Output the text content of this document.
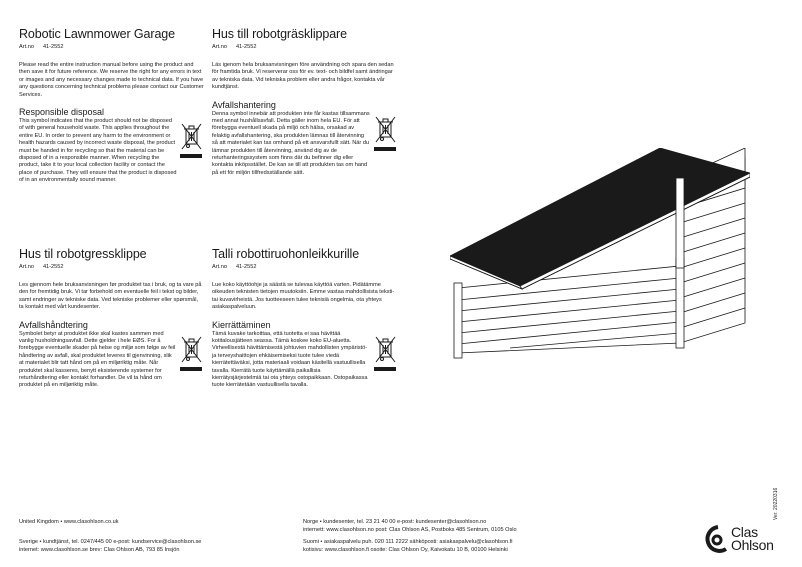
Robotic Lawnmower Garage
Art.no 41-2552

Please read the entire instruction manual before using the product and then save it for future reference. We reserve the right for any errors in text or images and any necessary changes made to technical data. If you have any questions concerning technical problems please contact our Customer Services.

Responsible disposal

This symbol indicates that the product should not be disposed of with general household waste. This applies throughout the entire EU. In order to prevent any harm to the environment or health hazards caused by incorrect waste disposal, the product must be handed in for recycling so that the material can be disposed of in a responsible manner. When recycling the product, take it to your local collection facility or contact the place of purchase. They will ensure that the product is disposed of in an environmentally sound manner.

Hus till robotgräsklippare
Art.no 41-2552

Läs igenom hela bruksanvisningen före användning och spara den sedan för framtida bruk. Vi reserverar oss för ev. text- och bildfel samt ändringar av tekniska data. Vid tekniska problem eller andra frågor, kontakta vår kundtjänst.

Avfallshantering

Denna symbol innebär att produkten inte får kastas tillsammans med annat hushållsavfall. Detta gäller inom hela EU. För att förebygga eventuell skada på miljö och hälsa, orsakad av felaktig avfallshantering, ska produkten lämnas till återvinning så att materialet kan tas omhand på ett ansvarsfullt sätt. När du lämnar produkten till återvinning, använd dig av de returhanteringssystem som finns där du befinner dig eller kontakta inköpsstället. De kan se till att produkten tas om hand på ett för miljön tillfredsställande sätt.

Hus til robotgressklippe
Art.no 41-2552

Les gjennom hele bruksanvisningen før produktet tas i bruk, og ta vare på den for fremtidig bruk. Vi tar forbehold om eventuelle feil i tekst og bilder, samt endringer av tekniske data. Ved tekniske problemer eller spørsmål, ta kontakt med vårt kundesenter.

Avfallshåndtering

Symbolet betyr at produktet ikke skal kastes sammen med vanlig husholdningsavfall. Dette gjelder i hele EØS. For å forebygge eventuelle skader på helse og miljø som følge av feil håndtering av avfall, skal produktet leveres til gjenvinning, slik at materialet blir tatt hånd om på en miljøriktig måte. Når produktet skal kasseres, benytt eksisterende systemer for returhåndtering eller kontakt forhandler. De vil ta hånd om produktet på en miljøriktig måte.

Talli robottiruohonleikkurille
Art.no 41-2552

Lue koko käyttöohje ja säästä se tulevaa käyttöä varten. Pidätämme oikeuden teknisten tietojen muutoksiin. Emme vastaa mahdollisista teksti- tai kuvavirheistä. Jos tuotteeseen tulee teknisiä ongelmia, ota yhteys asiakaspalveluun.

Kierrättäminen

Tämä kuvake tarkoittaa, että tuotetta ei saa hävittää kotitalousjätteen seassa. Tämä koskee koko EU-aluetta. Virheellisestä hävittämisestä johtuvien mahdollisten ympäristö- ja terveyshaittojen ehkäisemiseksi tuote tulee viedä kierrätettäväksi, jotta materiaali voidaan käsitellä vastuullisella tavalla. Kierrätä tuote käyttämällä paikallisia kierrätysjärjestelmiä tai ota yhteys ostopaikkaan. Ostopaikassa tuote kierrätetään vastuullisella tavalla.

Ver. 20220316
United Kingdom • www.clasohlson.co.uk
Sverige • kundtjänst, tel. 0247/445 00 e-post: kundservice@clasohlson.se
internet: www.clasohlson.se brev: Clas Ohlson AB, 793 85 Insjön
Norge • kundesenter, tel. 23 21 40 00 e-post: kundesenter@clasohlson.no
internett: www.clasohlson.no post: Clas Ohlson AS, Postboks 485 Sentrum, 0105 Oslo
Suomi • asiakaspalvelu puh. 020 111 2222 sähköposti: asiakaspalvelu@clasohlson.fi
kotisivu: www.clasohlson.fi osoite: Clas Ohlson Oy, Kaivokatu 10 B, 00100 Helsinki
Clas
Ohlson
